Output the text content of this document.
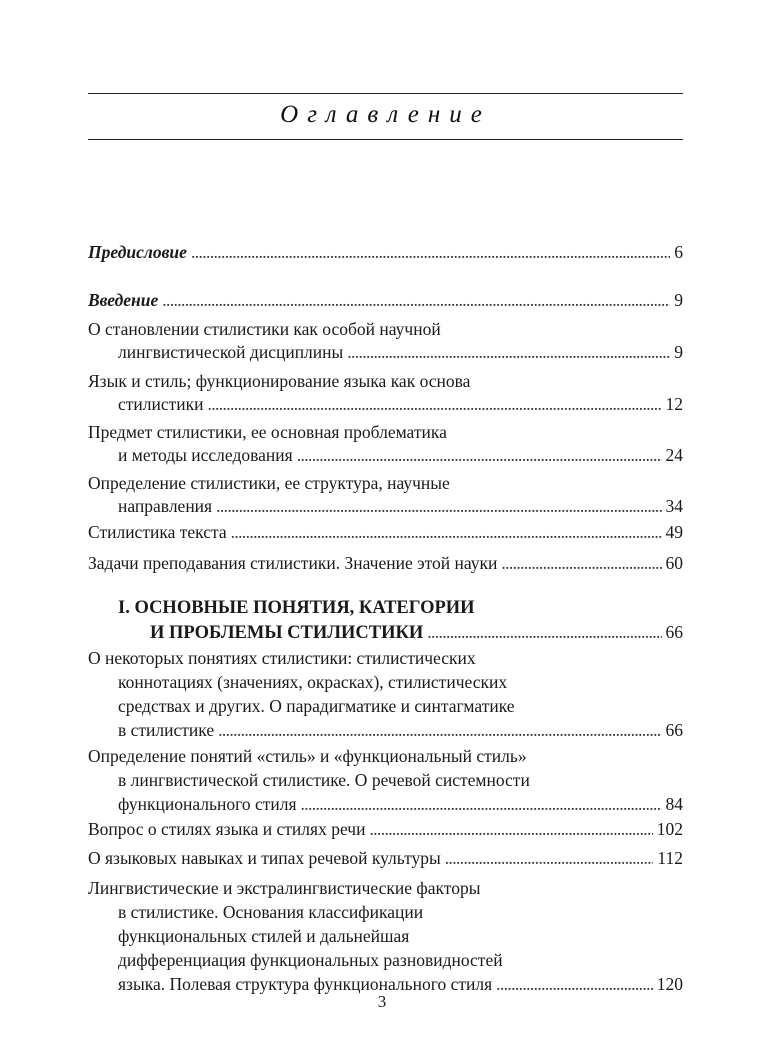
Оглавление
Предисловие . . .	6
Введение . . .	9
О становлении стилистики как особой научной
лингвистической дисциплины . . .	9
Язык и стиль; функционирование языка как основа
стилистики . . .	12
Предмет стилистики, ее основная проблематика
и методы исследования . . .	24
Определение стилистики, ее структура, научные
направления . . .	34
Стилистика текста . . .	49
Задачи преподавания стилистики. Значение этой науки . . .	60
I. ОСНОВНЫЕ ПОНЯТИЯ, КАТЕГОРИИ
И ПРОБЛЕМЫ СТИЛИСТИКИ . . .	66
О некоторых понятиях стилистики: стилистических
коннотациях (значениях, окрасках), стилистических
средствах и других. О парадигматике и синтагматике
в стилистике . . .	66
Определение понятий «стиль» и «функциональный стиль»
в лингвистической стилистике. О речевой системности
функционального стиля . . .	84
Вопрос о стилях языка и стилях речи . . .	102
О языковых навыках и типах речевой культуры . . .	112
Лингвистические и экстралингвистические факторы
в стилистике. Основания классификации
функциональных стилей и дальнейшая
дифференциация функциональных разновидностей
языка. Полевая структура функционального стиля . . .	120
3
